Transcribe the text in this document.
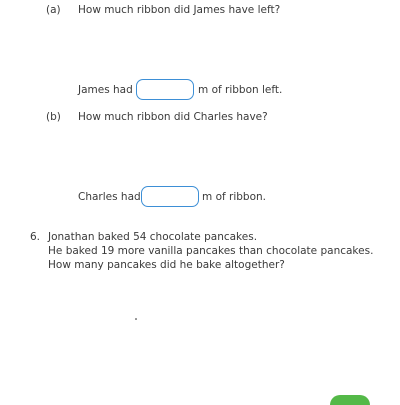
(a) How much ribbon did James have left?
James had	m of ribbon left.
(b) How much ribbon did Charles have?
Charles had	m of ribbon.
6. Jonathan baked 54 chocolate pancakes.
He baked 19 more vanilla pancakes than chocolate pancakes.
How many pancakes did he bake altogether?
